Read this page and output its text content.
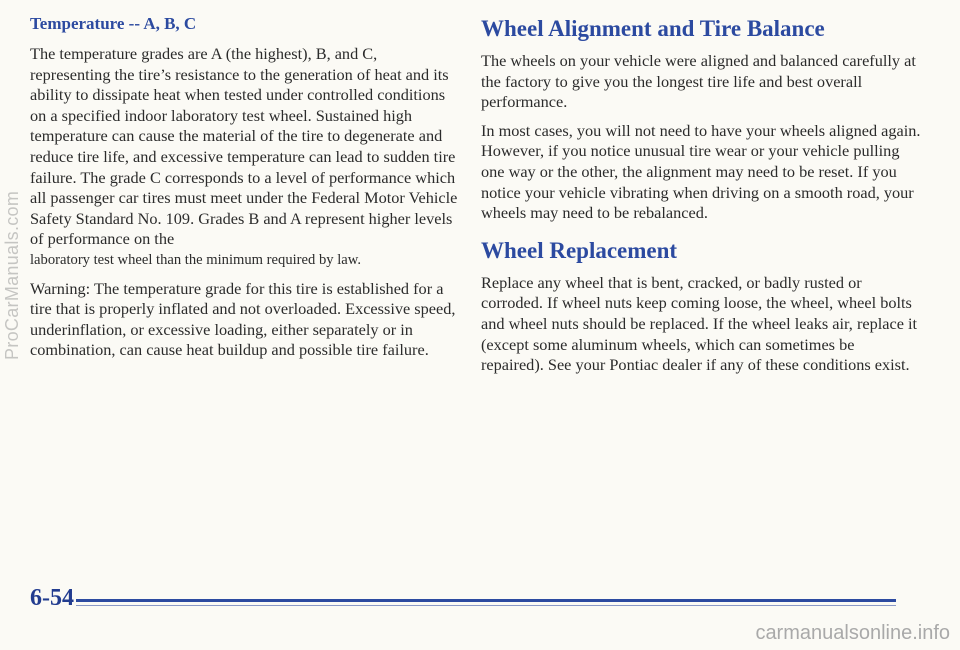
Temperature -- A, B, C

The temperature grades are A (the highest), B, and C, representing the tire’s resistance to the generation of heat and its ability to dissipate heat when tested under controlled conditions on a specified indoor laboratory test wheel. Sustained high temperature can cause the material of the tire to degenerate and reduce tire life, and excessive temperature can lead to sudden tire failure. The grade C corresponds to a level of performance which all passenger car tires must meet under the Federal Motor Vehicle Safety Standard No. 109. Grades B and A represent higher levels of performance on the

laboratory test wheel than the minimum required by law.

Warning: The temperature grade for this tire is established for a tire that is properly inflated and not overloaded. Excessive speed, underinflation, or excessive loading, either separately or in combination, can cause heat buildup and possible tire failure.

Wheel Alignment and Tire Balance

The wheels on your vehicle were aligned and balanced carefully at the factory to give you the longest tire life and best overall performance.

In most cases, you will not need to have your wheels aligned again. However, if you notice unusual tire wear or your vehicle pulling one way or the other, the alignment may need to be reset. If you notice your vehicle vibrating when driving on a smooth road, your wheels may need to be rebalanced.

Wheel Replacement

Replace any wheel that is bent, cracked, or badly rusted or corroded. If wheel nuts keep coming loose, the wheel, wheel bolts and wheel nuts should be replaced. If the wheel leaks air, replace it (except some aluminum wheels, which can sometimes be repaired). See your Pontiac dealer if any of these conditions exist.

ProCarManuals.com
6-54
carmanualsonline.info
